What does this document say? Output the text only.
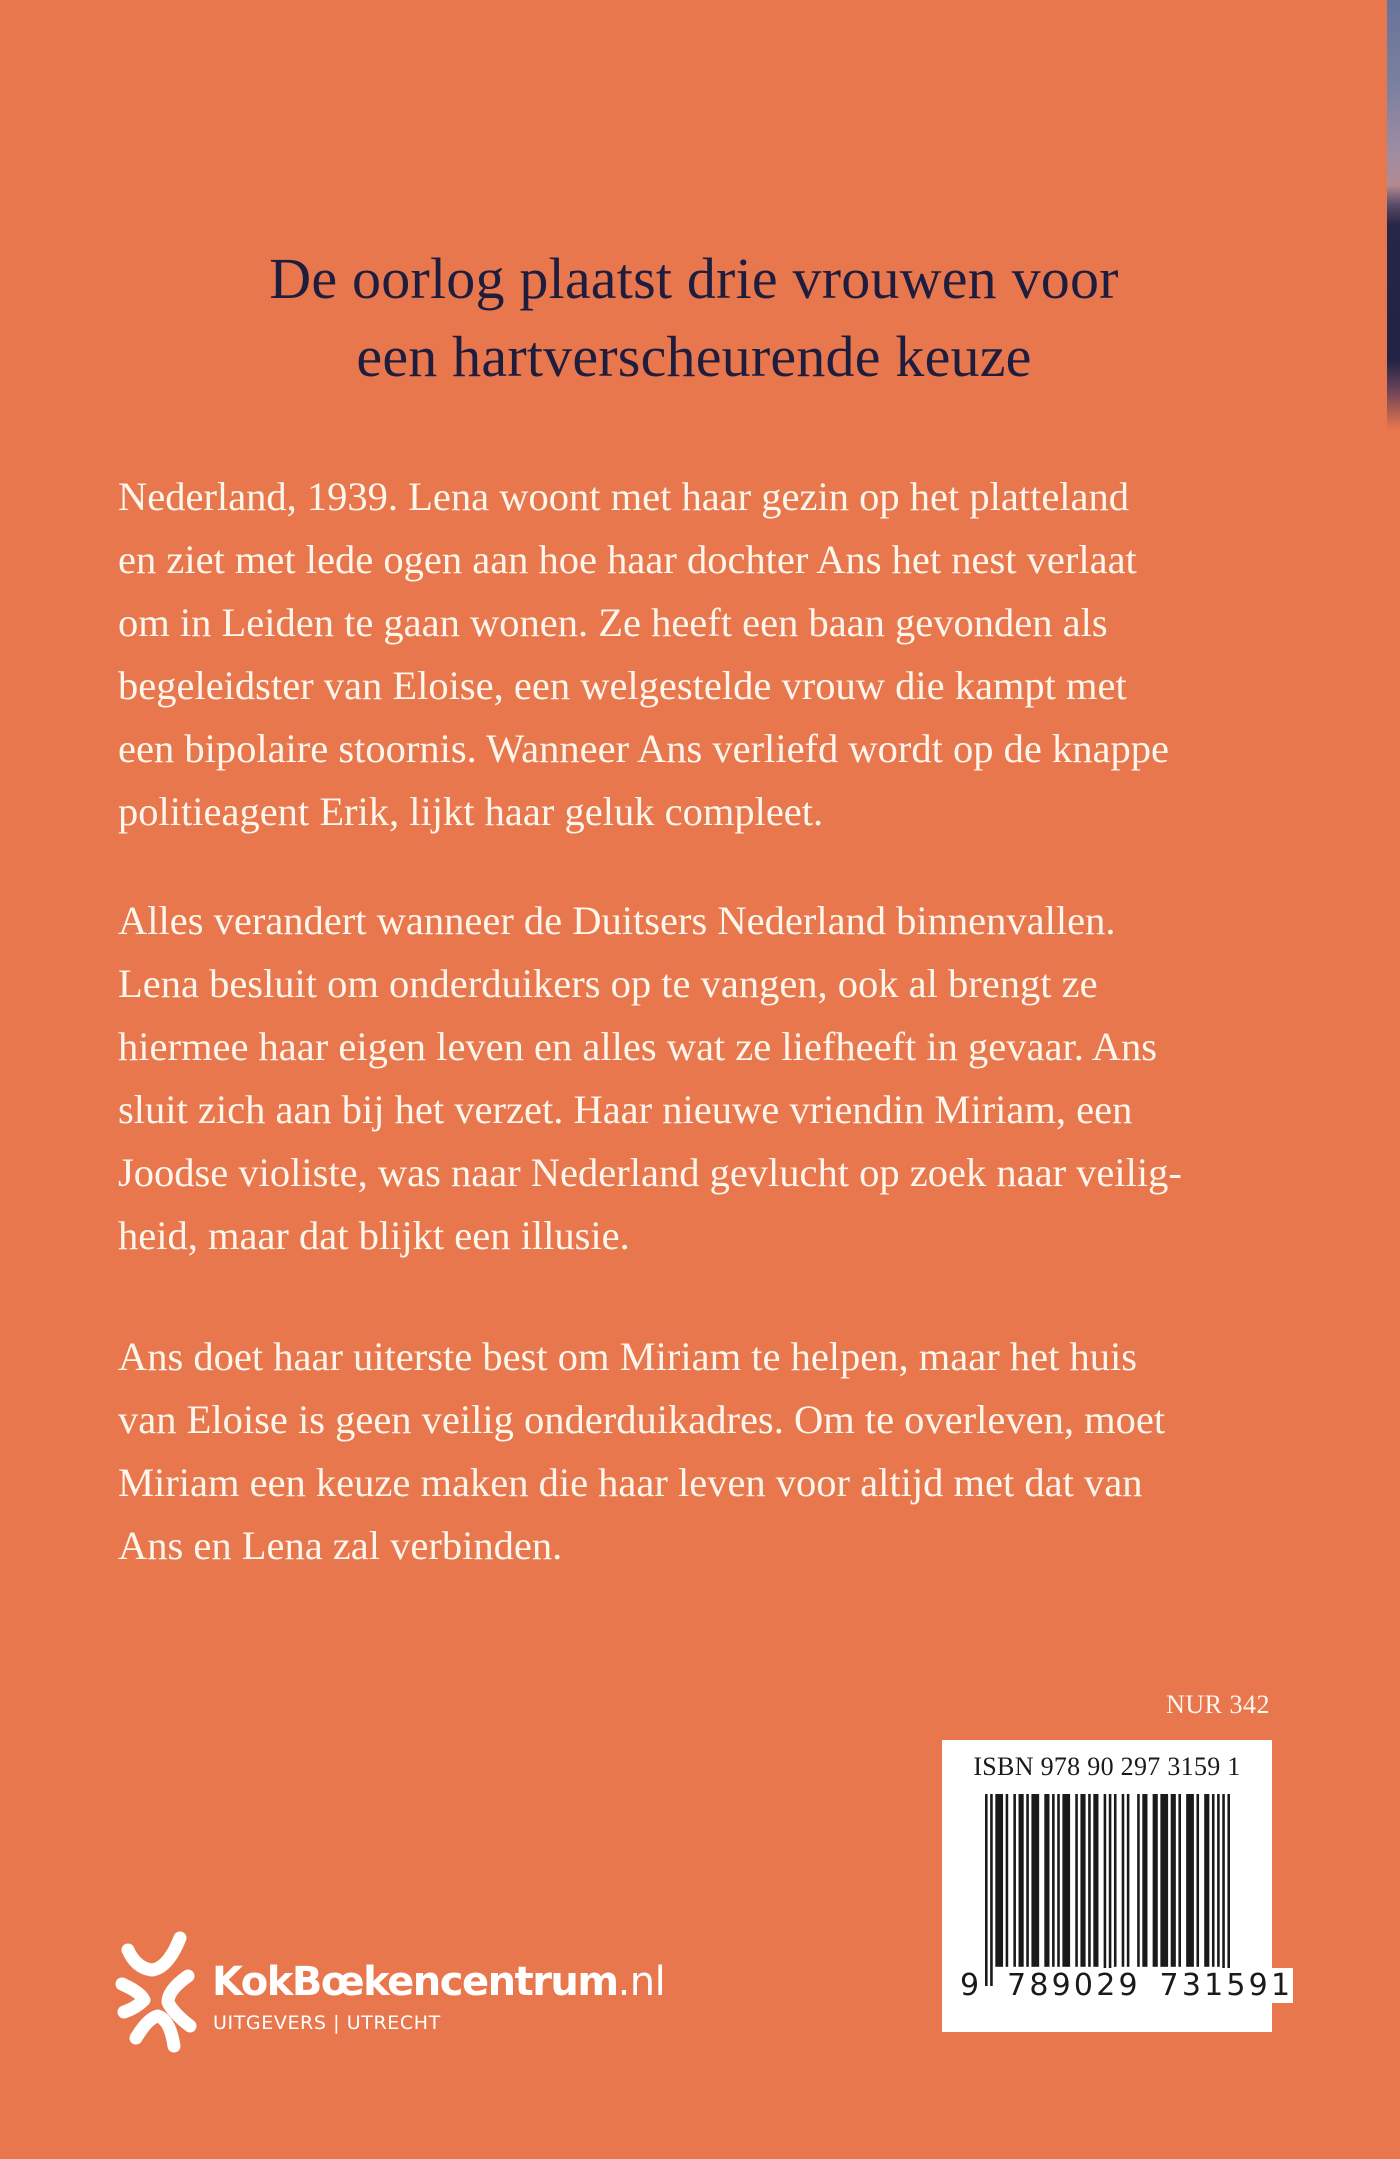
De oorlog plaatst drie vrouwen voor
een hartverscheurende keuze
Nederland, 1939. Lena woont met haar gezin op het platteland
en ziet met lede ogen aan hoe haar dochter Ans het nest verlaat
om in Leiden te gaan wonen. Ze heeft een baan gevonden als
begeleidster van Eloise, een welgestelde vrouw die kampt met
een bipolaire stoornis. Wanneer Ans verliefd wordt op de knappe
politieagent Erik, lijkt haar geluk compleet.
Alles verandert wanneer de Duitsers Nederland binnenvallen.
Lena besluit om onderduikers op te vangen, ook al brengt ze
hiermee haar eigen leven en alles wat ze liefheeft in gevaar. Ans
sluit zich aan bij het verzet. Haar nieuwe vriendin Miriam, een
Joodse violiste, was naar Nederland gevlucht op zoek naar veilig-
heid, maar dat blijkt een illusie.
Ans doet haar uiterste best om Miriam te helpen, maar het huis
van Eloise is geen veilig onderduikadres. Om te overleven, moet
Miriam een keuze maken die haar leven voor altijd met dat van
Ans en Lena zal verbinden.
NUR 342
ISBN 978 90 297 3159 1
9 789029 731591
KokBœkencentrum.nl
UITGEVERS | UTRECHT
